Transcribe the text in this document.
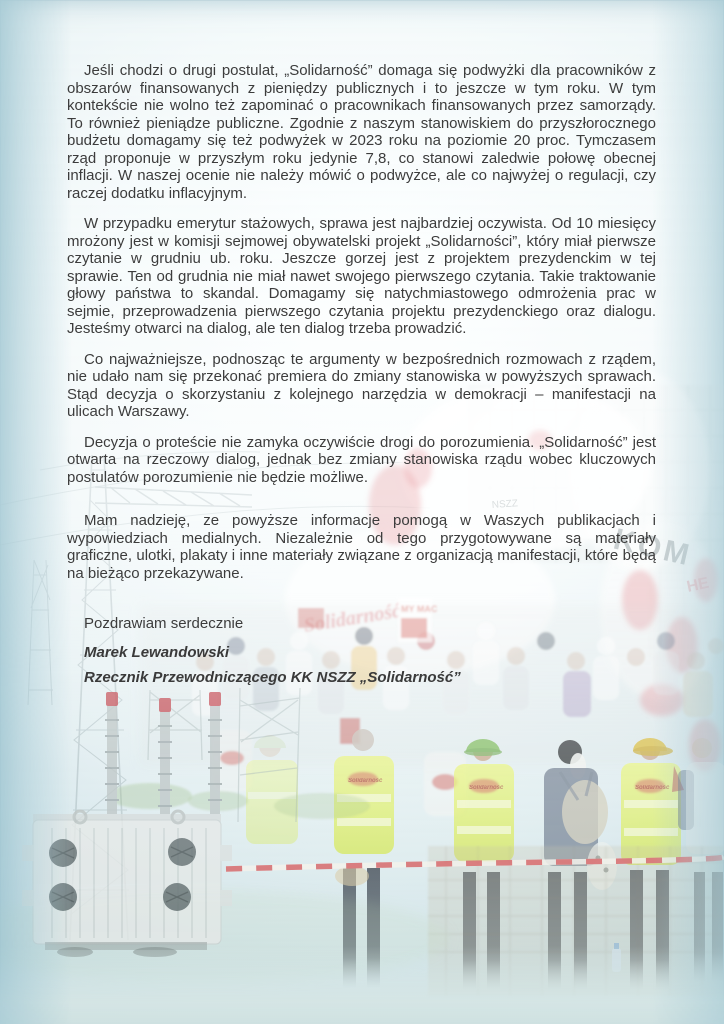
Jeśli chodzi o drugi postulat, „Solidarność” domaga się podwyżki dla pracowników z obszarów finansowanych z pieniędzy publicznych i to jeszcze w tym roku. W tym kontekście nie wolno też zapominać o pracownikach finansowanych przez samorządy. To również pieniądze publiczne. Zgodnie z naszym stanowiskiem do przyszłorocznego budżetu domagamy się też podwyżek w 2023 roku na poziomie 20 proc. Tymczasem rząd proponuje w przyszłym roku jedynie 7,8, co stanowi zaledwie połowę obecnej inflacji. W naszej ocenie nie należy mówić o podwyżce, ale co najwyżej o regulacji, czy raczej dodatku inflacyjnym.

W przypadku emerytur stażowych, sprawa jest najbardziej oczywista. Od 10 miesięcy mrożony jest w komisji sejmowej obywatelski projekt „Solidarności”, który miał pierwsze czytanie w grudniu ub. roku. Jeszcze gorzej jest z projektem prezydenckim w tej sprawie. Ten od grudnia nie miał nawet swojego pierwszego czytania. Takie traktowanie głowy państwa to skandal. Domagamy się natychmiastowego odmrożenia prac w sejmie, przeprowadzenia pierwszego czytania projektu prezydenckiego oraz dialogu. Jesteśmy otwarci na dialog, ale ten dialog trzeba prowadzić.

Co najważniejsze, podnosząc te argumenty w bezpośrednich rozmowach z rządem, nie udało nam się przekonać premiera do zmiany stanowiska w powyższych sprawach. Stąd decyzja o skorzystaniu z kolejnego narzędzia w demokracji – manifestacji na ulicach Warszawy.

Decyzja o proteście nie zamyka oczywiście drogi do porozumienia. „Solidarność” jest otwarta na rzeczowy dialog, jednak bez zmiany stanowiska rządu wobec kluczowych postulatów porozumienie nie będzie możliwe.

Mam nadzieję, ze powyższe informacje pomogą w Waszych publikacjach i wypowiedziach medialnych. Niezależnie od tego przygotowywane są materiały graficzne, ulotki, plakaty i inne materiały związane z organizacją manifestacji, które będą na bieżąco przekazywane.

Pozdrawiam serdecznie
Marek Lewandowski
Rzecznik Przewodniczącego KK NSZZ „Solidarność”
